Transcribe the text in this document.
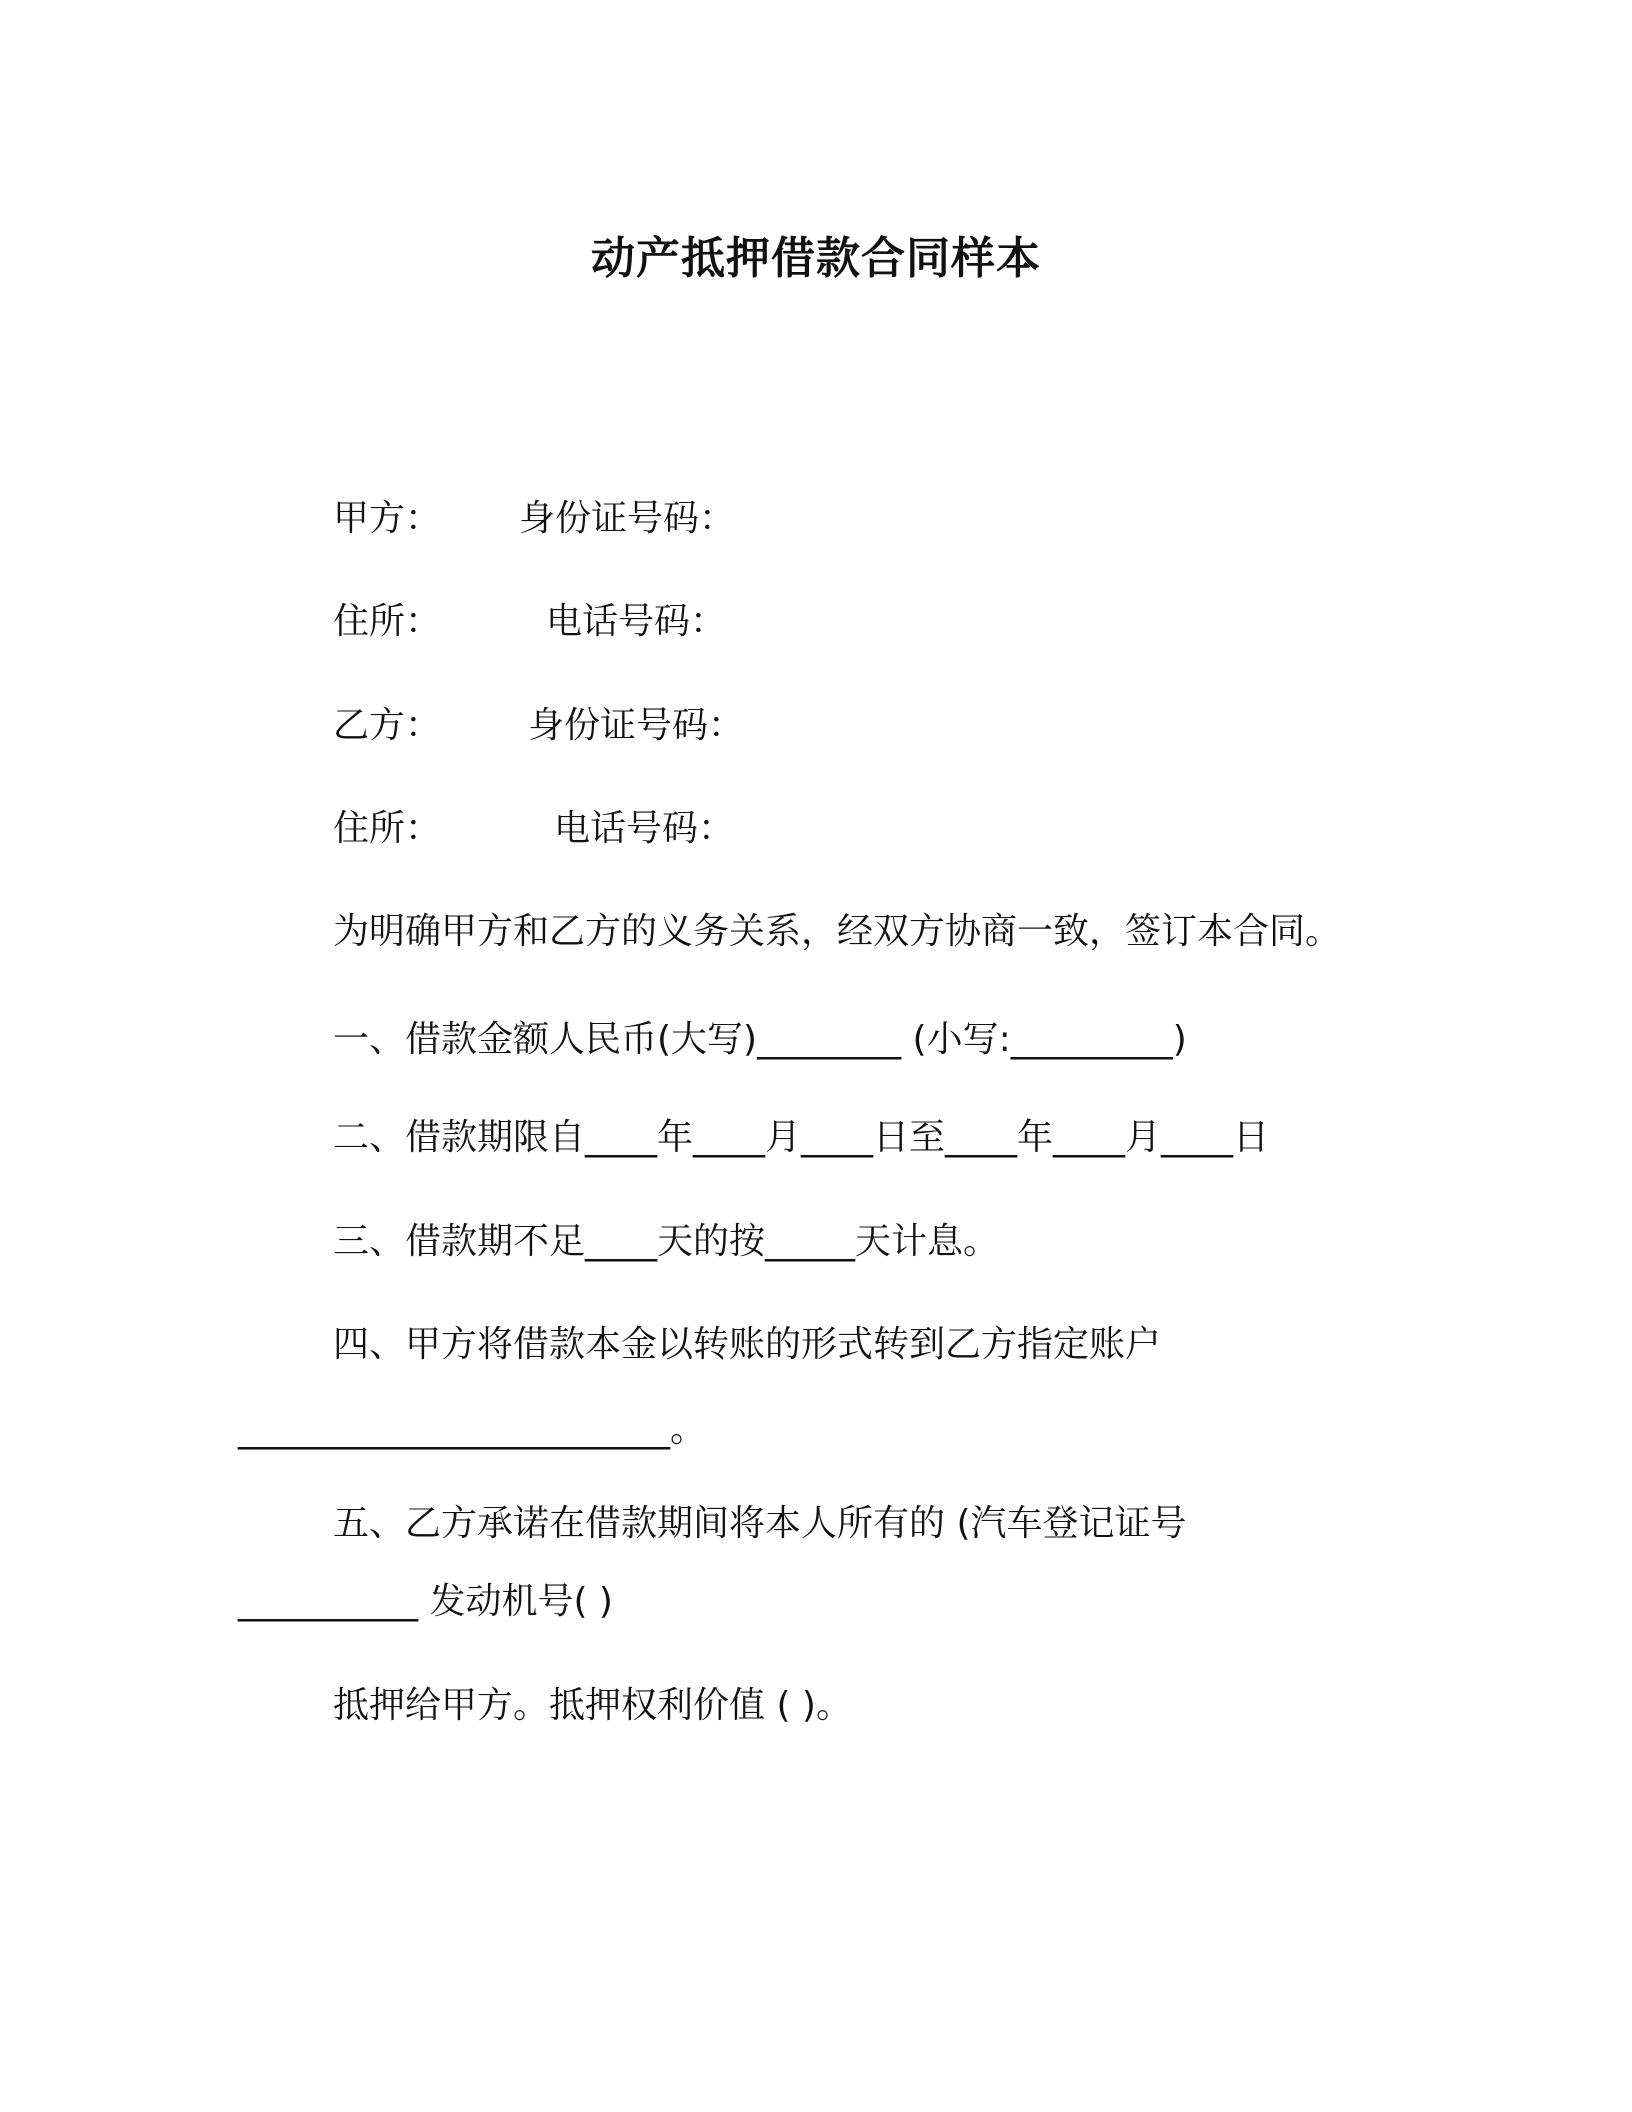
动产抵押借款合同样本
甲方： 身份证号码：
住所：	电话号码：
乙方： 身份证号码：
住所：	电话号码：
为明确甲方和乙方的义务关系，经双方协商一致，签订本合同。
一、借款金额人民币(大写)________ (小写:_________)
二、借款期限自____年____月____日至____年____月____日
三、借款期不足____天的按_____天计息。
四、甲方将借款本金以转账的形式转到乙方指定账户
________________________。
五、乙方承诺在借款期间将本人所有的 (汽车登记证号
__________ 发动机号( )
抵押给甲方。抵押权利价值 ( )。
